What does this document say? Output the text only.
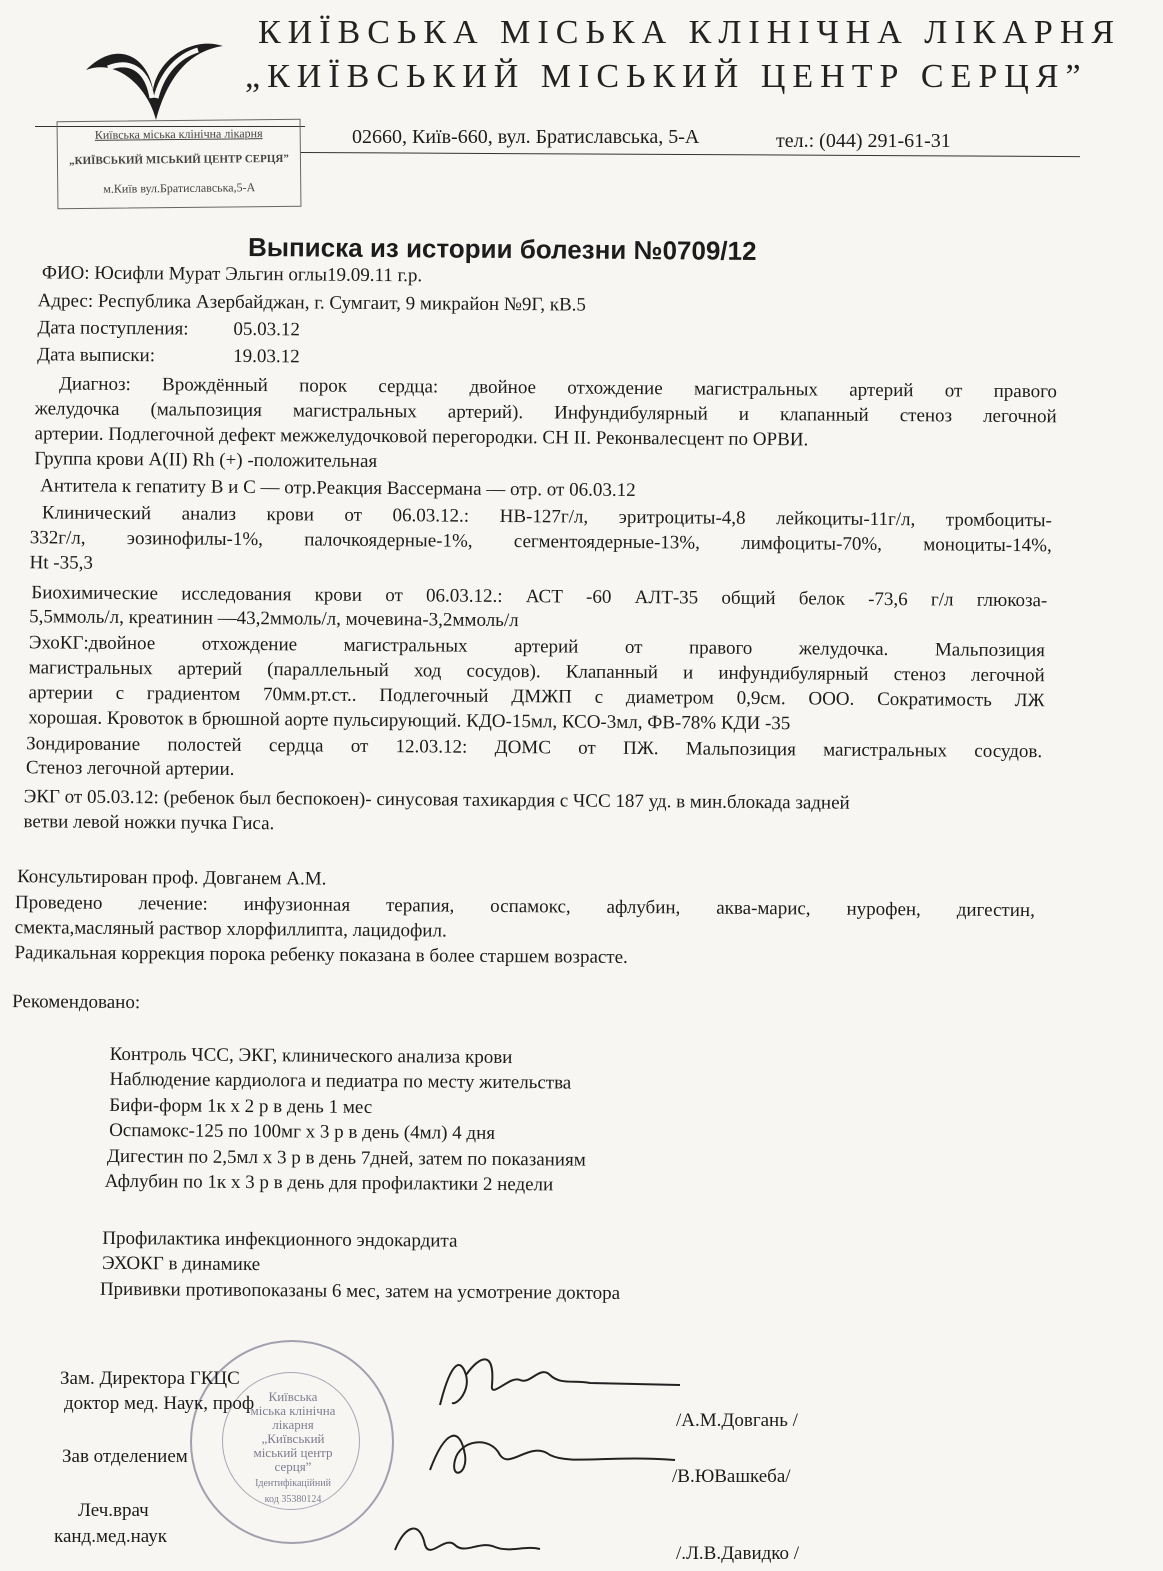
КИЇВСЬКА МІСЬКА КЛІНІЧНА ЛІКАРНЯ
„КИЇВСЬКИЙ МІСЬКИЙ ЦЕНТР СЕРЦЯ”
02660, Київ-660, вул. Братиславська, 5-А	тел.: (044) 291-61-31
Київська міська клінічна лікарня
„КИЇВСЬКИЙ МІСЬКИЙ ЦЕНТР СЕРЦЯ”
м.Київ вул.Братиславська,5-А
Выписка из истории болезни №0709/12
ФИО: Юсифли Мурат Эльгин оглы19.09.11 г.р.
Адрес: Республика Азербайджан, г. Сумгаит, 9 микрайон №9Г, кВ.5
Дата поступления: 05.03.12
Дата выписки:	19.03.12
Диагноз: Врождённый порок сердца: двойное отхождение магистральных артерий от правого
желудочка (мальпозиция магистральных артерий). Инфундибулярный и клапанный стеноз легочной
артерии. Подлегочной дефект межжелудочковой перегородки. СН II. Реконвалесцент по ОРВИ.
Группа крови А(II) Rh (+) -положительная
Антитела к гепатиту В и С — отр.Реакция Вассермана — отр. от 06.03.12
Клинический анализ крови от 06.03.12.: НВ-127г/л, эритроциты-4,8 лейкоциты-11г/л, тромбоциты-
332г/л, эозинофилы-1%, палочкоядерные-1%, сегментоядерные-13%, лимфоциты-70%, моноциты-14%,
Ht -35,3
Биохимические исследования крови от 06.03.12.: АСТ -60 АЛТ-35 общий белок -73,6 г/л глюкоза-
5,5ммоль/л, креатинин —43,2ммоль/л, мочевина-3,2ммоль/л
ЭхоКГ:двойное отхождение магистральных артерий от правого желудочка. Мальпозиция
магистральных артерий (параллельный ход сосудов). Клапанный и инфундибулярный стеноз легочной
артерии с градиентом 70мм.рт.ст.. Подлегочный ДМЖП с диаметром 0,9см. ООО. Сократимость ЛЖ
хорошая. Кровоток в брюшной аорте пульсирующий. КДО-15мл, КСО-3мл, ФВ-78% КДИ -35
Зондирование полостей сердца от 12.03.12: ДОМС от ПЖ. Мальпозиция магистральных сосудов.
Стеноз легочной артерии.
ЭКГ от 05.03.12: (ребенок был беспокоен)- синусовая тахикардия с ЧСС 187 уд. в мин.блокада задней
ветви левой ножки пучка Гиса.
Консультирован проф. Довганем А.М.
Проведено лечение: инфузионная терапия, оспамокс, афлубин, аква-марис, нурофен, дигестин,
смекта,масляный раствор хлорфиллипта, лацидофил.
Радикальная коррекция порока ребенку показана в более старшем возрасте.
Рекомендовано:
Контроль ЧСС, ЭКГ, клинического анализа крови
Наблюдение кардиолога и педиатра по месту жительства
Бифи-форм 1к х 2 р в день 1 мес
Оспамокс-125 по 100мг х 3 р в день (4мл) 4 дня
Дигестин по 2,5мл х 3 р в день 7дней, затем по показаниям
Афлубин по 1к х 3 р в день для профилактики 2 недели
Профилактика инфекционного эндокардита
ЭХОКГ в динамике
Прививки противопоказаны 6 мес, затем на усмотрение доктора
Київська
міська клінічна
лікарня
„Київський
міський центр
серця”
Ідентифікаційний
код 35380124
Зам. Директора ГКЦС
доктор мед. Наук, проф
/А.М.Довгань /
Зав отделением
/В.ЮВашкеба/
Леч.врач
канд.мед.наук
/.Л.В.Давидко /
